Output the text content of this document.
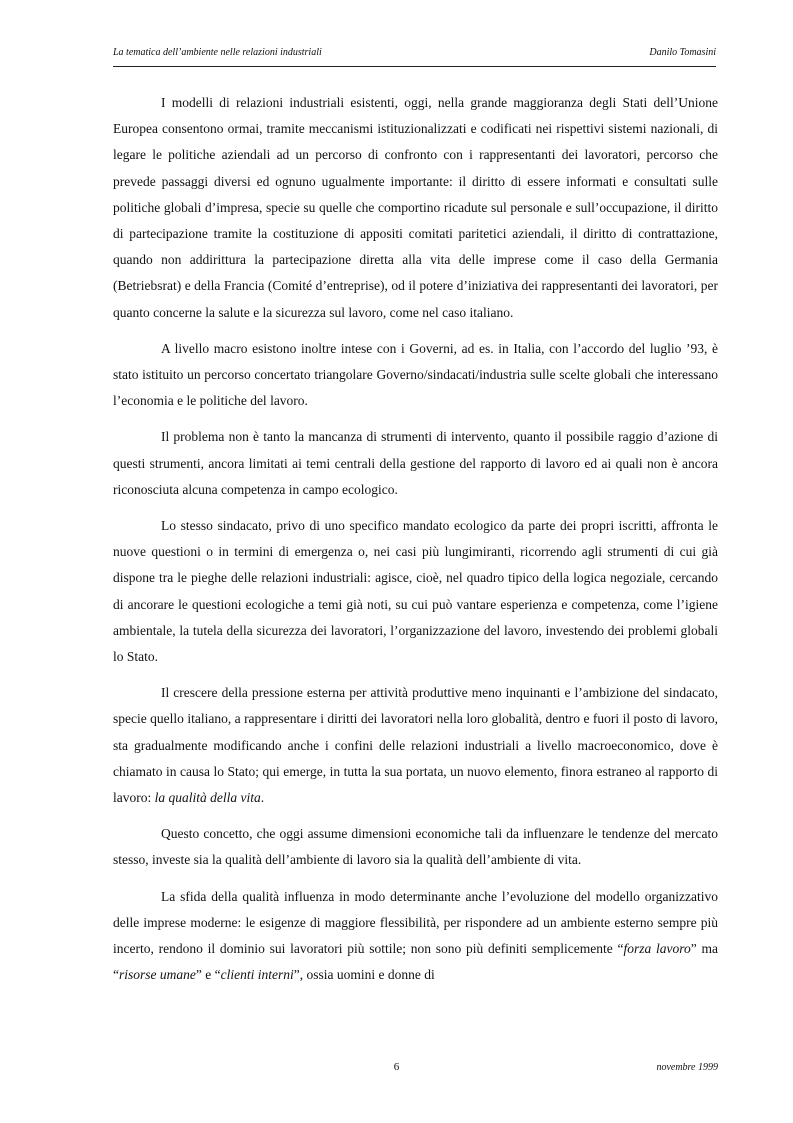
La tematica dell’ambiente nelle relazioni industriali	Danilo Tomasini

I modelli di relazioni industriali esistenti, oggi, nella grande maggioranza degli Stati dell’Unione Europea consentono ormai, tramite meccanismi istituzionalizzati e codificati nei rispettivi sistemi nazionali, di legare le politiche aziendali ad un percorso di confronto con i rappresentanti dei lavoratori, percorso che prevede passaggi diversi ed ognuno ugualmente importante: il diritto di essere informati e consultati sulle politiche globali d’impresa, specie su quelle che comportino ricadute sul personale e sull’occupazione, il diritto di partecipazione tramite la costituzione di appositi comitati paritetici aziendali, il diritto di contrattazione, quando non addirittura la partecipazione diretta alla vita delle imprese come il caso della Germania (Betriebsrat) e della Francia (Comité d’entreprise), od il potere d’iniziativa dei rappresentanti dei lavoratori, per quanto concerne la salute e la sicurezza sul lavoro, come nel caso italiano.

A livello macro esistono inoltre intese con i Governi, ad es. in Italia, con l’accordo del luglio ’93, è stato istituito un percorso concertato triangolare Governo/sindacati/industria sulle scelte globali che interessano l’economia e le politiche del lavoro.

Il problema non è tanto la mancanza di strumenti di intervento, quanto il possibile raggio d’azione di questi strumenti, ancora limitati ai temi centrali della gestione del rapporto di lavoro ed ai quali non è ancora riconosciuta alcuna competenza in campo ecologico.

Lo stesso sindacato, privo di uno specifico mandato ecologico da parte dei propri iscritti, affronta le nuove questioni o in termini di emergenza o, nei casi più lungimiranti, ricorrendo agli strumenti di cui già dispone tra le pieghe delle relazioni industriali: agisce, cioè, nel quadro tipico della logica negoziale, cercando di ancorare le questioni ecologiche a temi già noti, su cui può vantare esperienza e competenza, come l’igiene ambientale, la tutela della sicurezza dei lavoratori, l’organizzazione del lavoro, investendo dei problemi globali lo Stato.

Il crescere della pressione esterna per attività produttive meno inquinanti e l’ambizione del sindacato, specie quello italiano, a rappresentare i diritti dei lavoratori nella loro globalità, dentro e fuori il posto di lavoro, sta gradualmente modificando anche i confini delle relazioni industriali a livello macroeconomico, dove è chiamato in causa lo Stato; qui emerge, in tutta la sua portata, un nuovo elemento, finora estraneo al rapporto di lavoro: la qualità della vita.

Questo concetto, che oggi assume dimensioni economiche tali da influenzare le tendenze del mercato stesso, investe sia la qualità dell’ambiente di lavoro sia la qualità dell’ambiente di vita.

La sfida della qualità influenza in modo determinante anche l’evoluzione del modello organizzativo delle imprese moderne: le esigenze di maggiore flessibilità, per rispondere ad un ambiente esterno sempre più incerto, rendono il dominio sui lavoratori più sottile; non sono più definiti semplicemente “forza lavoro” ma “risorse umane” e “clienti interni”, ossia uomini e donne di

6	novembre 1999
